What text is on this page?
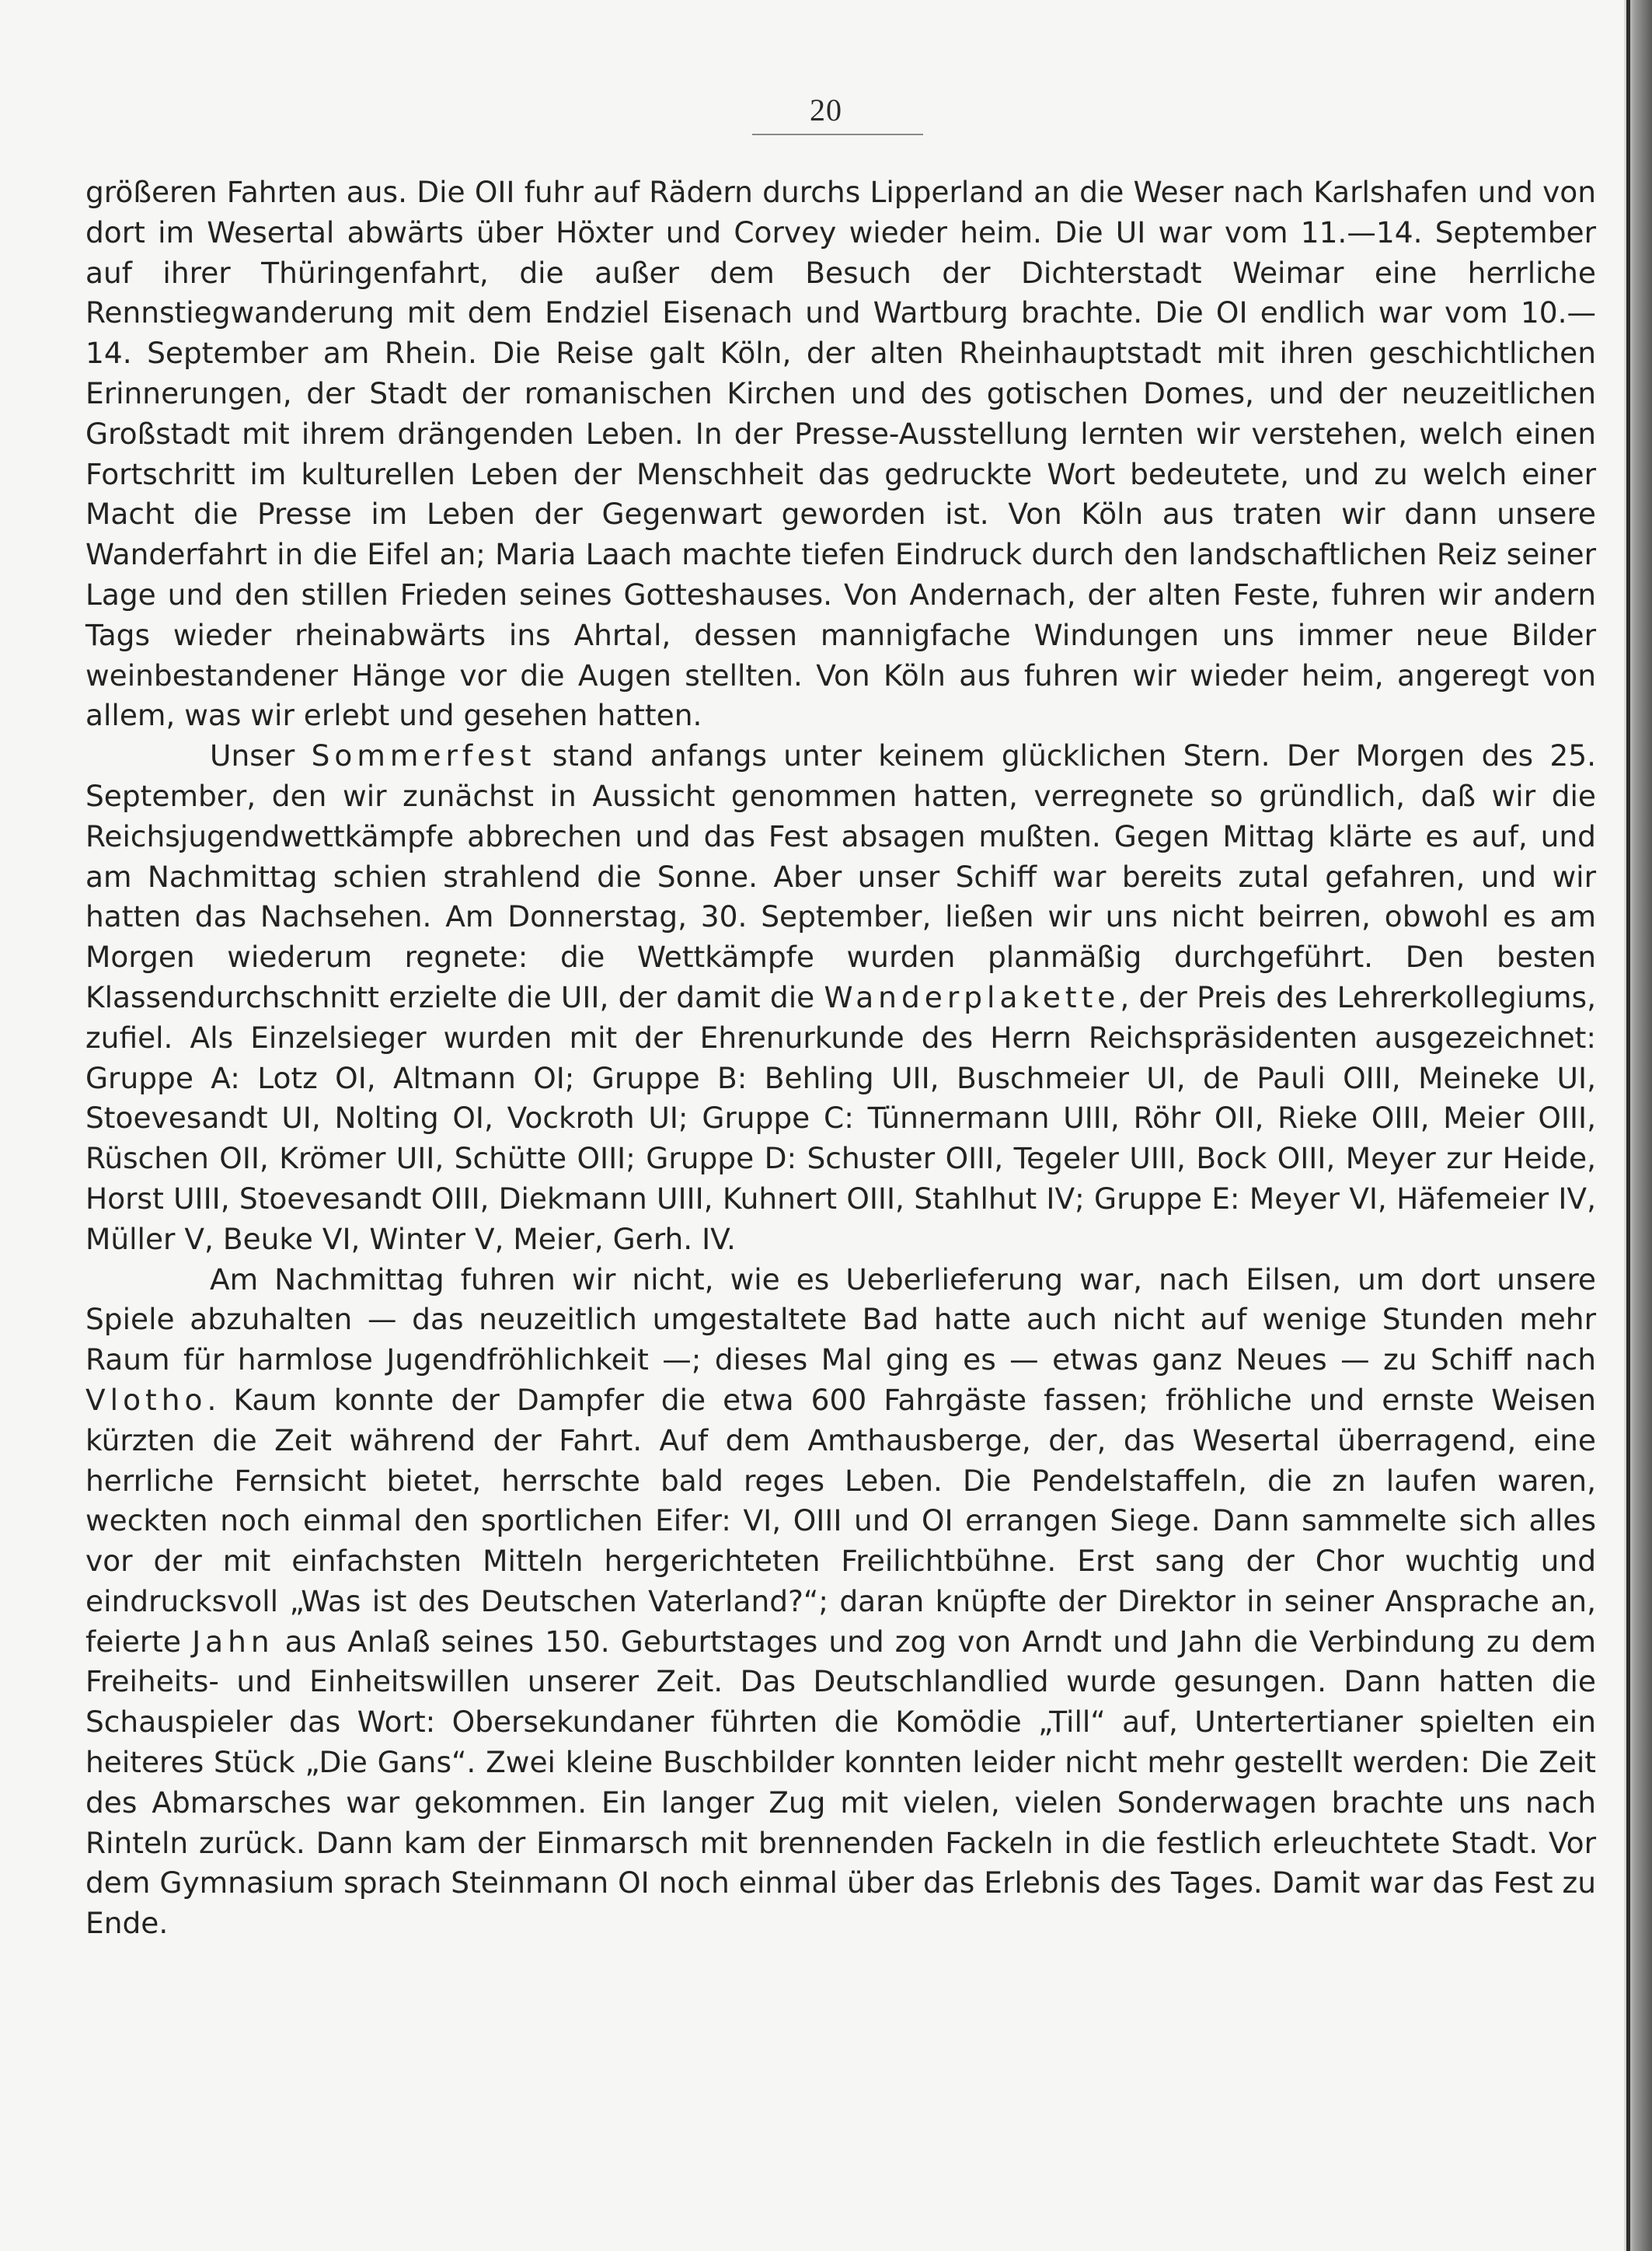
20

größeren Fahrten aus. Die OII fuhr auf Rädern durchs Lipperland an die Weser nach Karlshafen und von dort im Wesertal abwärts über Höxter und Corvey wieder heim. Die UI war vom 11.—14. September auf ihrer Thüringenfahrt, die außer dem Besuch der Dichterstadt Weimar eine herrliche Rennstiegwanderung mit dem Endziel Eisenach und Wartburg brachte. Die OI endlich war vom 10.—14. September am Rhein. Die Reise galt Köln, der alten Rheinhauptstadt mit ihren geschichtlichen Erinnerungen, der Stadt der romanischen Kirchen und des gotischen Domes, und der neuzeitlichen Großstadt mit ihrem drängenden Leben. In der Presse-Ausstellung lernten wir verstehen, welch einen Fortschritt im kulturellen Leben der Menschheit das gedruckte Wort bedeutete, und zu welch einer Macht die Presse im Leben der Gegenwart geworden ist. Von Köln aus traten wir dann unsere Wanderfahrt in die Eifel an; Maria Laach machte tiefen Eindruck durch den landschaftlichen Reiz seiner Lage und den stillen Frieden seines Gotteshauses. Von Andernach, der alten Feste, fuhren wir andern Tags wieder rheinabwärts ins Ahrtal, dessen mannigfache Windungen uns immer neue Bilder weinbestandener Hänge vor die Augen stellten. Von Köln aus fuhren wir wieder heim, angeregt von allem, was wir erlebt und gesehen hatten.

Unser Sommerfest stand anfangs unter keinem glücklichen Stern. Der Morgen des 25. September, den wir zunächst in Aussicht genommen hatten, verregnete so gründlich, daß wir die Reichsjugendwettkämpfe abbrechen und das Fest absagen mußten. Gegen Mittag klärte es auf, und am Nachmittag schien strahlend die Sonne. Aber unser Schiff war bereits zutal gefahren, und wir hatten das Nachsehen. Am Donnerstag, 30. September, ließen wir uns nicht beirren, obwohl es am Morgen wiederum regnete: die Wettkämpfe wurden planmäßig durchgeführt. Den besten Klassendurchschnitt erzielte die UII, der damit die Wanderplakette, der Preis des Lehrerkollegiums, zufiel. Als Einzelsieger wurden mit der Ehrenurkunde des Herrn Reichspräsidenten ausgezeichnet: Gruppe A: Lotz OI, Altmann OI; Gruppe B: Behling UII, Buschmeier UI, de Pauli OIII, Meineke UI, Stoevesandt UI, Nolting OI, Vockroth UI; Gruppe C: Tünnermann UIII, Röhr OII, Rieke OIII, Meier OIII, Rüschen OII, Krömer UII, Schütte OIII; Gruppe D: Schuster OIII, Tegeler UIII, Bock OIII, Meyer zur Heide, Horst UIII, Stoevesandt OIII, Diekmann UIII, Kuhnert OIII, Stahlhut IV; Gruppe E: Meyer VI, Häfemeier IV, Müller V, Beuke VI, Winter V, Meier, Gerh. IV.

Am Nachmittag fuhren wir nicht, wie es Ueberlieferung war, nach Eilsen, um dort unsere Spiele abzuhalten — das neuzeitlich umgestaltete Bad hatte auch nicht auf wenige Stunden mehr Raum für harmlose Jugendfröhlichkeit —; dieses Mal ging es — etwas ganz Neues — zu Schiff nach Vlotho. Kaum konnte der Dampfer die etwa 600 Fahrgäste fassen; fröhliche und ernste Weisen kürzten die Zeit während der Fahrt. Auf dem Amthausberge, der, das Wesertal überragend, eine herrliche Fernsicht bietet, herrschte bald reges Leben. Die Pendelstaffeln, die zn laufen waren, weckten noch einmal den sportlichen Eifer: VI, OIII und OI errangen Siege. Dann sammelte sich alles vor der mit einfachsten Mitteln hergerichteten Freilichtbühne. Erst sang der Chor wuchtig und eindrucksvoll „Was ist des Deutschen Vaterland?“; daran knüpfte der Direktor in seiner Ansprache an, feierte Jahn aus Anlaß seines 150. Geburtstages und zog von Arndt und Jahn die Verbindung zu dem Freiheits- und Einheitswillen unserer Zeit. Das Deutschlandlied wurde gesungen. Dann hatten die Schauspieler das Wort: Obersekundaner führten die Komödie „Till“ auf, Untertertianer spielten ein heiteres Stück „Die Gans“. Zwei kleine Buschbilder konnten leider nicht mehr gestellt werden: Die Zeit des Abmarsches war gekommen. Ein langer Zug mit vielen, vielen Sonderwagen brachte uns nach Rinteln zurück. Dann kam der Einmarsch mit brennenden Fackeln in die festlich erleuchtete Stadt. Vor dem Gymnasium sprach Steinmann OI noch einmal über das Erlebnis des Tages. Damit war das Fest zu Ende.
